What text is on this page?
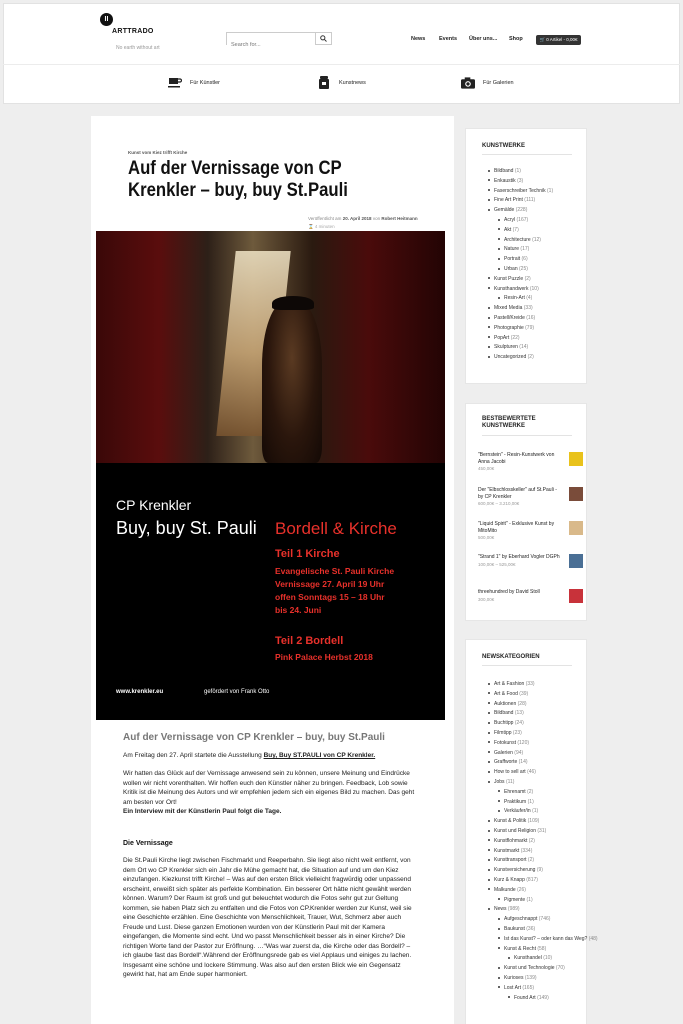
II
ARTTRADO
No earth without art
Search for...
News Events Über uns... Shop	🛒 0 Artikel - 0,00€
Für Künstler	Kunstnews	Für Galerien
Kunst vom Kiez trifft Kirche
Auf der Vernissage von CP Krenkler – buy, buy St.Pauli
Veröffentlicht am 20. April 2018 von Robert Heitmann
⌛ 4 minuten
CP Krenkler
Buy, buy St. Pauli Bordell & Kirche
Teil 1 Kirche
Evangelische St. Pauli Kirche
Vernissage 27. April 19 Uhr
offen Sonntags 15 – 18 Uhr
bis 24. Juni
Teil 2 Bordell
Pink Palace Herbst 2018
www.krenkler.eu	gefördert von Frank Otto
Auf der Vernissage von CP Krenkler – buy, buy St.Pauli

Am Freitag den 27. April startete die Ausstellung Buy, Buy ST.PAULI von CP Krenkler.

Wir hatten das Glück auf der Vernissage anwesend sein zu können, unsere Meinung und Eindrücke wollen wir nicht vorenthalten. Wir hoffen euch den Künstler näher zu bringen. Feedback, Lob sowie Kritik ist die Meinung des Autors und wir empfehlen jedem sich ein eigenes Bild zu machen. Das geht am besten vor Ort!
Ein Interview mit der Künstlerin Paul folgt die Tage.

Die Vernissage

Die St.Pauli Kirche liegt zwischen Fischmarkt und Reeperbahn. Sie liegt also nicht weit entfernt, von dem Ort wo CP Krenkler sich ein Jahr die Mühe gemacht hat, die Situation auf und um den Kiez einzufangen. Kiezkunst trifft Kirche! – Was auf den ersten Blick vielleicht fragwürdig oder unpassend erscheint, erweißt sich später als perfekte Kombination. Ein besserer Ort hätte nicht gewählt werden können. Warum? Der Raum ist groß und gut beleuchtet wodurch die Fotos sehr gut zur Geltung kommen, sie haben Platz sich zu entfalten und die Fotos von CP.Krenkler werden zur Kunst, weil sie eine Geschichte erzählen. Eine Geschichte von Menschlichkeit, Trauer, Wut, Schmerz aber auch Freude und Lust. Diese ganzen Emotionen wurden von der Künstlerin Paul mit der Kamera eingefangen, die Momente sind echt. Und wo passt Menschlichkeit besser als in einer Kirche? Die richtigen Worte fand der Pastor zur Eröffnung. …“Was war zuerst da, die Kirche oder das Bordell? – ich glaube fast das Bordell“.Während der Eröffnungsrede gab es viel Applaus und einiges zu lachen. Insgesamt eine schöne und lockere Stimmung. Was also auf den ersten Blick wie ein Gegensatz gewirkt hat, hat am Ende super harmoniert.

KUNSTWERKE
Bildband (1)
Enkaustik (3)
Faserschreiber Technik (1)
Fine Art Print (111)
Gemälde (228)
Acryl (167)
Akt (7)
Architecture (12)
Nature (17)
Portrait (6)
Urban (25)
Kunst Puzzle (2)
Kunsthandwerk (10)
Resin-Art (4)
Mixed Media (33)
Pastell/Kreide (16)
Photographie (79)
PopArt (22)
Skulpturen (14)
Uncategorized (2)
BESTBEWERTETE
KUNSTWERKE
"Bernstein" - Resin-Kunstwerk von Anna Jacobi
450,00€
Der "Elbschlosskeller" auf St.Pauli - by CP Krenkler
600,00€ – 3.210,00€
"Liquid Spirit" - Exklusive Kunst by MitoMito
500,00€
"Strand 1" by Eberhard Vogler DGPh
100,00€ – 525,00€
threehundred by David Stoll
300,00€
NEWSKATEGORIEN
Art & Fashion (33)
Art & Food (39)
Auktionen (28)
Bildband (13)
Buchtipp (24)
Filmtipp (23)
Fotokunst (120)
Galerien (94)
Graffworte (14)
How to sell art (46)
Jobs (11)
Ehrenamt (2)
Praktikum (1)
Verkäufer/in (1)
Kunst & Politik (109)
Kunst und Religion (31)
Kunstflohmarkt (2)
Kunstmarkt (334)
Kunsttransport (2)
Kunstversicherung (9)
Kurz & Knapp (817)
Malkunde (26)
Pigmente (1)
News (989)
Aufgeschnappt (746)
Baukunst (36)
Ist das Kunst? – oder kann das Weg? (48)
Kunst & Recht (58)
Kunsthandel (10)
Kunst und Technologie (70)
Kurioses (139)
Lost Art (165)
Found Art (149)
